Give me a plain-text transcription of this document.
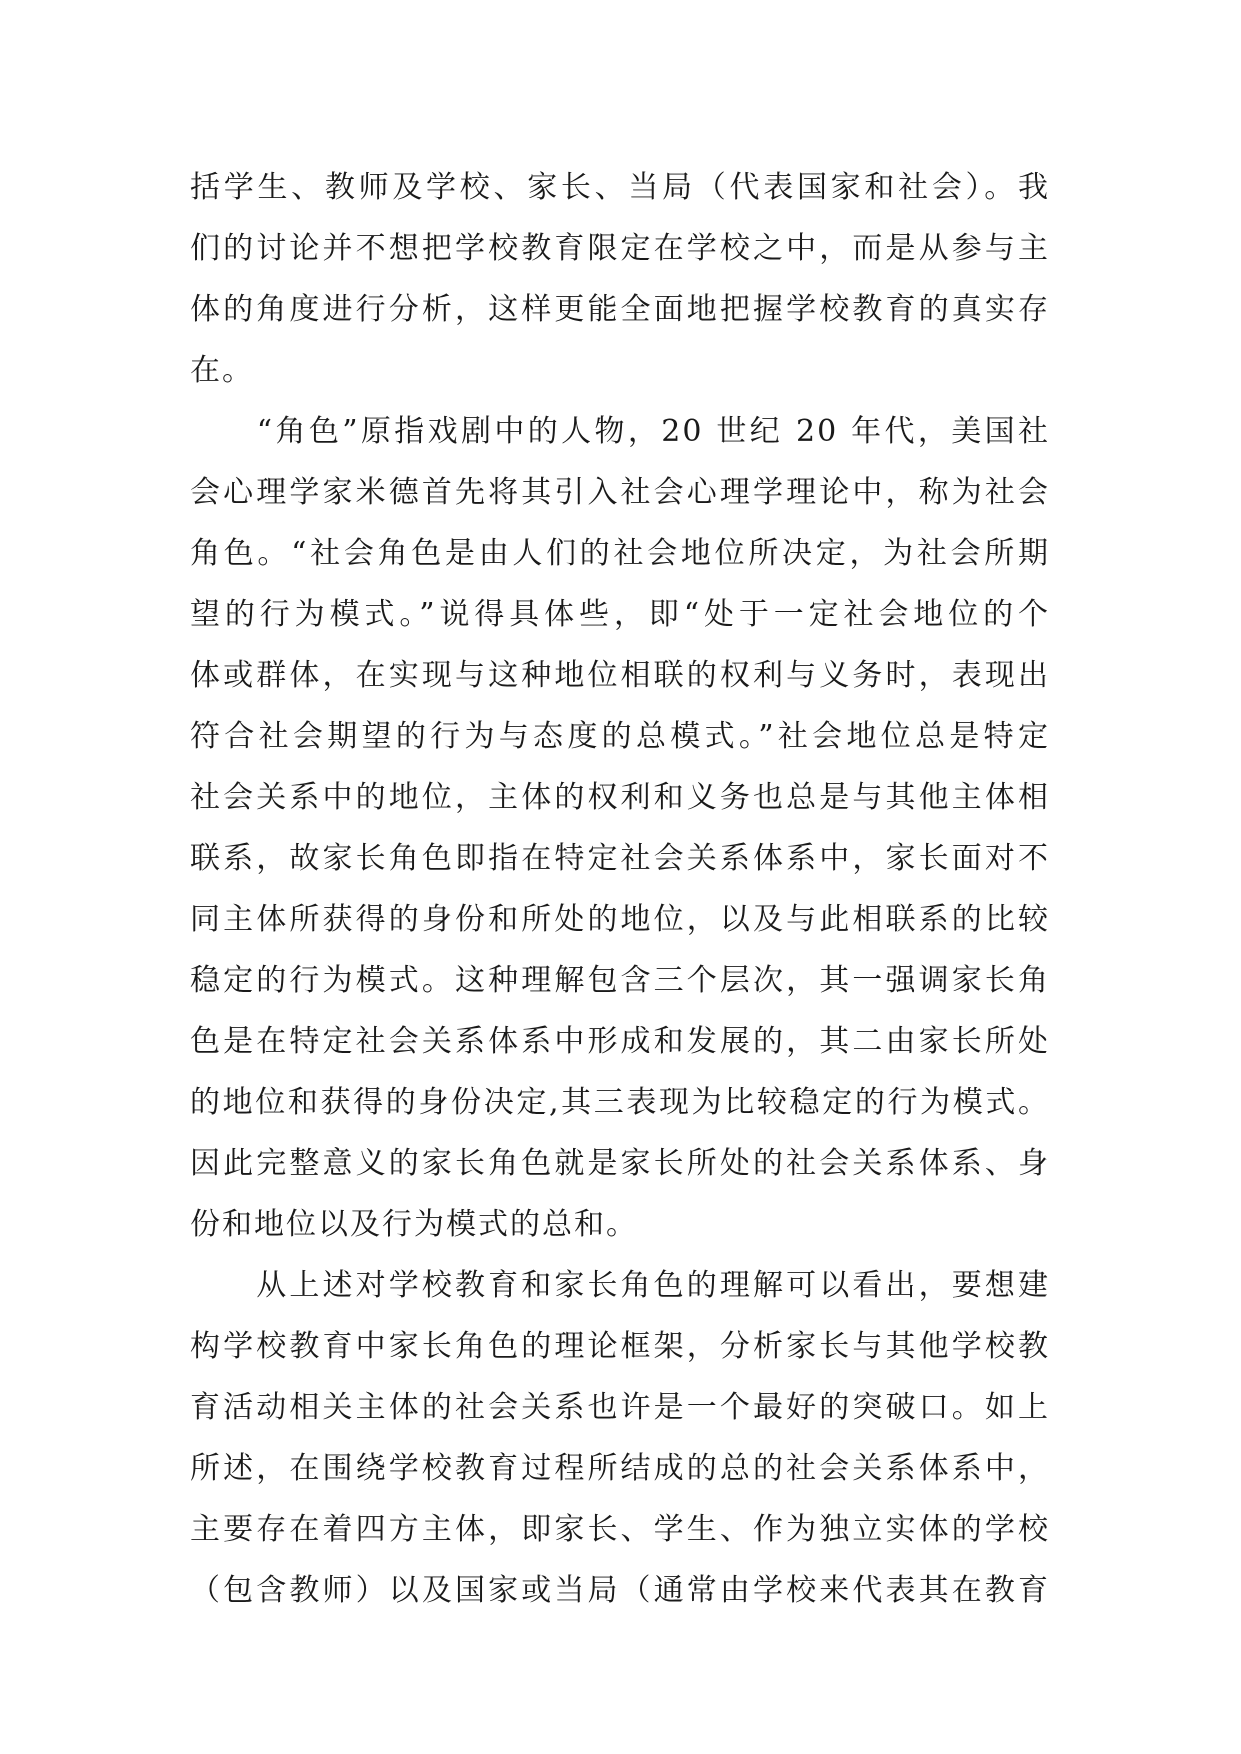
括学生、教师及学校、家长、当局（代表国家和社会）。我
们的讨论并不想把学校教育限定在学校之中，而是从参与主
体的角度进行分析，这样更能全面地把握学校教育的真实存
在。
　　“角色”原指戏剧中的人物，20 世纪 20 年代，美国社
会心理学家米德首先将其引入社会心理学理论中，称为社会
角色。“社会角色是由人们的社会地位所决定，为社会所期
望的行为模式。”说得具体些，即“处于一定社会地位的个
体或群体，在实现与这种地位相联的权利与义务时，表现出
符合社会期望的行为与态度的总模式。”社会地位总是特定
社会关系中的地位，主体的权利和义务也总是与其他主体相
联系，故家长角色即指在特定社会关系体系中，家长面对不
同主体所获得的身份和所处的地位，以及与此相联系的比较
稳定的行为模式。这种理解包含三个层次，其一强调家长角
色是在特定社会关系体系中形成和发展的，其二由家长所处
的地位和获得的身份决定,其三表现为比较稳定的行为模式。
因此完整意义的家长角色就是家长所处的社会关系体系、身
份和地位以及行为模式的总和。
　　从上述对学校教育和家长角色的理解可以看出，要想建
构学校教育中家长角色的理论框架，分析家长与其他学校教
育活动相关主体的社会关系也许是一个最好的突破口。如上
所述，在围绕学校教育过程所结成的总的社会关系体系中，
主要存在着四方主体，即家长、学生、作为独立实体的学校
（包含教师）以及国家或当局（通常由学校来代表其在教育
